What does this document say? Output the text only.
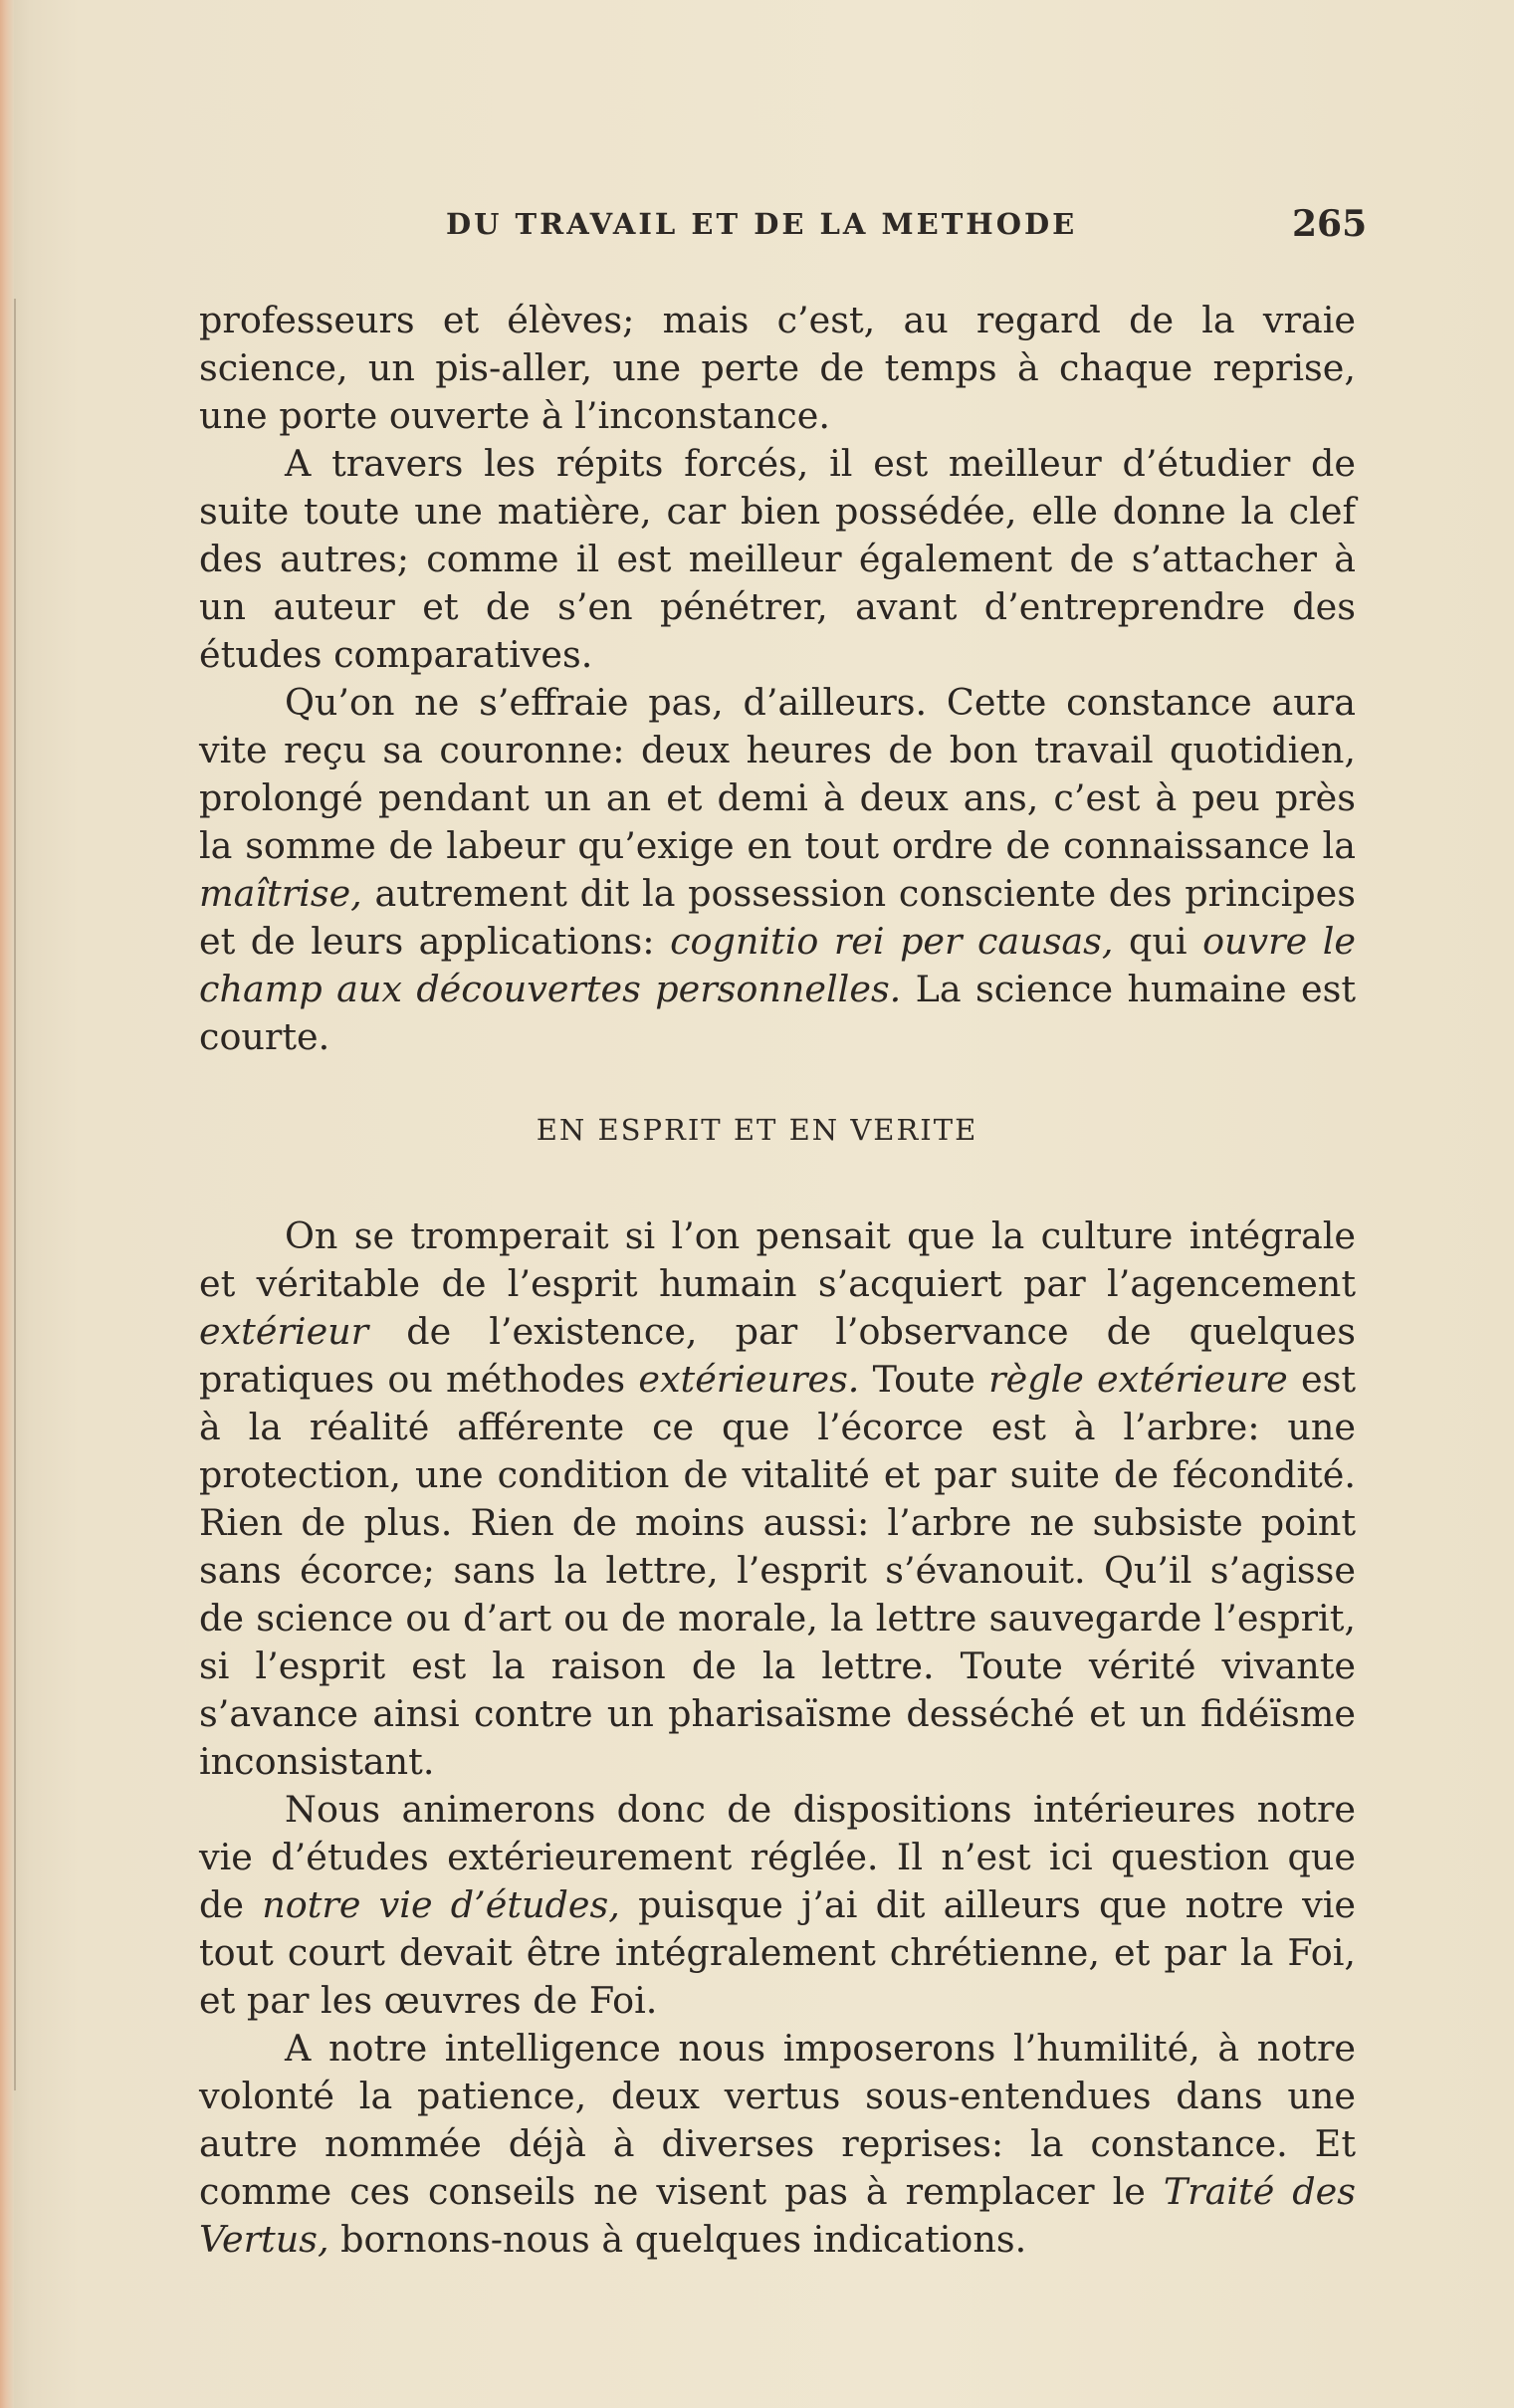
DU TRAVAIL ET DE LA METHODE	265

professeurs et élèves; mais c’est, au regard de la vraie science, un pis-aller, une perte de temps à chaque reprise, une porte ouverte à l’inconstance.

A travers les répits forcés, il est meilleur d’étudier de suite toute une matière, car bien possédée, elle donne la clef des autres; comme il est meilleur également de s’attacher à un auteur et de s’en pénétrer, avant d’entreprendre des études comparatives.

Qu’on ne s’effraie pas, d’ailleurs. Cette constance aura vite reçu sa couronne: deux heures de bon travail quotidien, prolongé pendant un an et demi à deux ans, c’est à peu près la somme de labeur qu’exige en tout ordre de connaissance la maîtrise, autrement dit la possession consciente des principes et de leurs applications: cognitio rei per causas, qui ouvre le champ aux découvertes personnelles. La science humaine est courte.

EN ESPRIT ET EN VERITE

On se tromperait si l’on pensait que la culture intégrale et véritable de l’esprit humain s’acquiert par l’agencement extérieur de l’existence, par l’observance de quelques pratiques ou méthodes extérieures. Toute règle extérieure est à la réalité afférente ce que l’écorce est à l’arbre: une protection, une condition de vitalité et par suite de fécondité. Rien de plus. Rien de moins aussi: l’arbre ne subsiste point sans écorce; sans la lettre, l’esprit s’évanouit. Qu’il s’agisse de science ou d’art ou de morale, la lettre sauvegarde l’esprit, si l’esprit est la raison de la lettre. Toute vérité vivante s’avance ainsi contre un pharisaïsme desséché et un fidéïsme inconsistant.

Nous animerons donc de dispositions intérieures notre vie d’études extérieurement réglée. Il n’est ici question que de notre vie d’études, puisque j’ai dit ailleurs que notre vie tout court devait être intégralement chrétienne, et par la Foi, et par les œuvres de Foi.

A notre intelligence nous imposerons l’humilité, à notre volonté la patience, deux vertus sous-entendues dans une autre nommée déjà à diverses reprises: la constance. Et comme ces conseils ne visent pas à remplacer le Traité des Vertus, bornons-nous à quelques indications.
